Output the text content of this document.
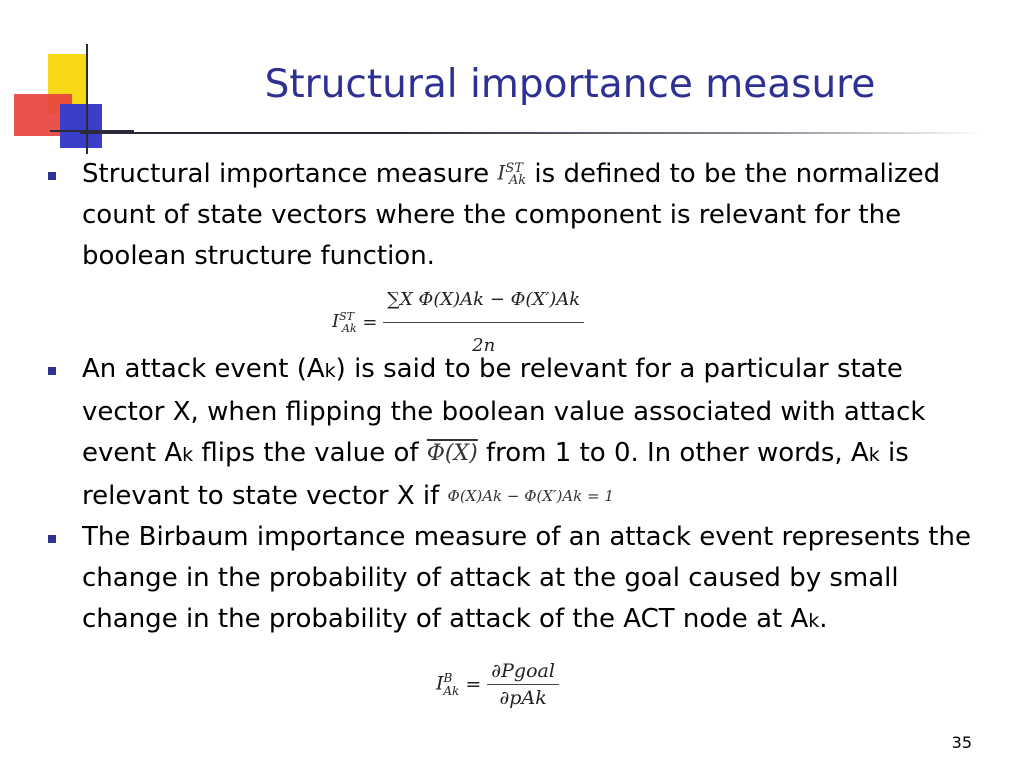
Structural importance measure
Structural importance measure $IST_{Ak}$ is defined to be the normalized count of state vectors where the component is relevant for the boolean structure function.
$IST_{Ak} = \frac{\text{∑X Φ(X)Ak − Φ(X′)Ak}}{2n}$
An attack event (Ak) is said to be relevant for a particular state vector X, when flipping the boolean value associated with attack event Ak flips the value of Φ(X) from 1 to 0. In other words, Ak is relevant to state vector X if Φ(X)Ak − Φ(X′)Ak = 1
The Birbaum importance measure of an attack event represents the change in the probability of attack at the goal caused by small change in the probability of attack of the ACT node at Ak.
$I^B_{Ak} = \frac{\text{∂Pgoal}}{\text{∂pAk}}$
35
